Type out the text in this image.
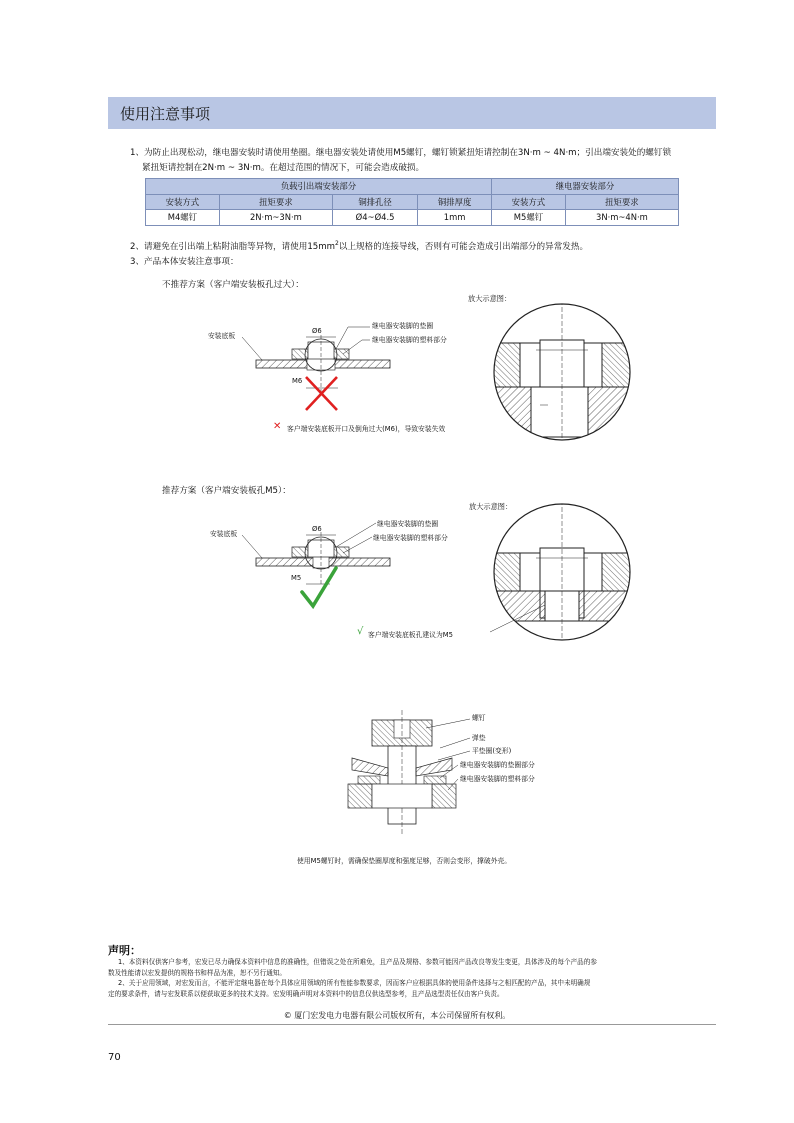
使用注意事项
1、为防止出现松动，继电器安装时请使用垫圈。继电器安装处请使用M5螺钉，螺钉锁紧扭矩请控制在3N·m ~ 4N·m；引出端安装处的螺钉锁
紧扭矩请控制在2N·m ~ 3N·m。在超过范围的情况下，可能会造成破损。
负载引出端安装部分				继电器安装部分	
安装方式	扭矩要求	铜排孔径	铜排厚度	安装方式	扭矩要求
M4螺钉	2N·m~3N·m	Ø4~Ø4.5	1mm	M5螺钉	3N·m~4N·m
2、请避免在引出端上粘附油脂等异物，请使用$15mm^2$以上规格的连接导线，否则有可能会造成引出端部分的异常发热。
3、产品本体安装注意事项：
不推荐方案（客户端安装板孔过大）：
放大示意图：
安装底板
Ø6
M6
继电器安装脚的垫圈
继电器安装脚的塑料部分
✕ 客户端安装底板开口及倒角过大(M6)，导致安装失效
推荐方案（客户端安装板孔M5）：
放大示意图：
安装底板
Ø6
M5
继电器安装脚的垫圈
继电器安装脚的塑料部分
√ 客户端安装底板孔建议为M5
螺钉
弹垫
平垫圈(变形)
继电器安装脚的垫圈部分
继电器安装脚的塑料部分
使用M5螺钉时，需确保垫圈厚度和强度足够，否则会变形，撑破外壳。
声明：
1、本资料仅供客户参考，宏发已尽力确保本资料中信息的准确性，但错误之处在所难免，且产品及规格、参数可能因产品改良等发生变更，具体涉及的每个产品的参
数及性能请以宏发提供的规格书和样品为准，恕不另行通知。
2、关于应用领域，对宏发而言，不能评定继电器在每个具体应用领域的所有性能参数要求，因而客户应根据具体的使用条件选择与之相匹配的产品，其中未明确规
定的要求条件，请与宏发联系以便获取更多的技术支持。宏发明确声明对本资料中的信息仅供选型参考，且产品选型责任仅由客户负责。
© 厦门宏发电力电器有限公司版权所有，本公司保留所有权利。
70
